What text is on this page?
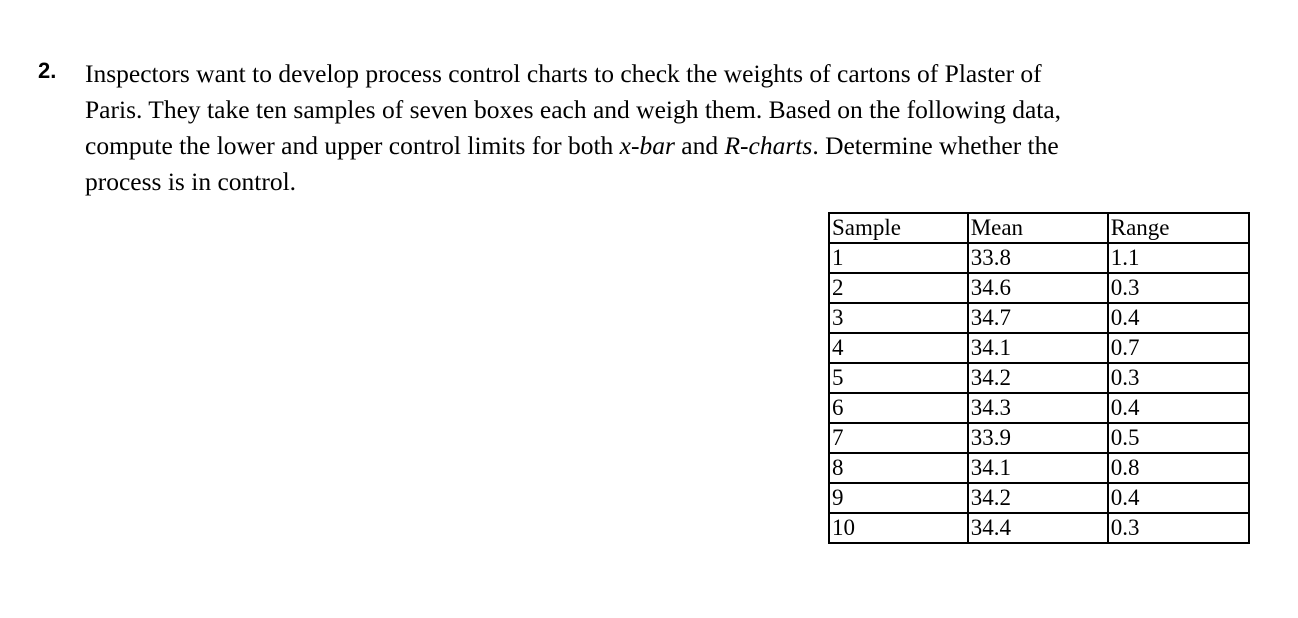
2. Inspectors want to develop process control charts to check the weights of cartons of Plaster of
Paris. They take ten samples of seven boxes each and weigh them. Based on the following data,
compute the lower and upper control limits for both x-bar and R-charts. Determine whether the
process is in control.
Sample	Mean	Range
1	33.8	1.1
2	34.6	0.3
3	34.7	0.4
4	34.1	0.7
5	34.2	0.3
6	34.3	0.4
7	33.9	0.5
8	34.1	0.8
9	34.2	0.4
10	34.4	0.3
